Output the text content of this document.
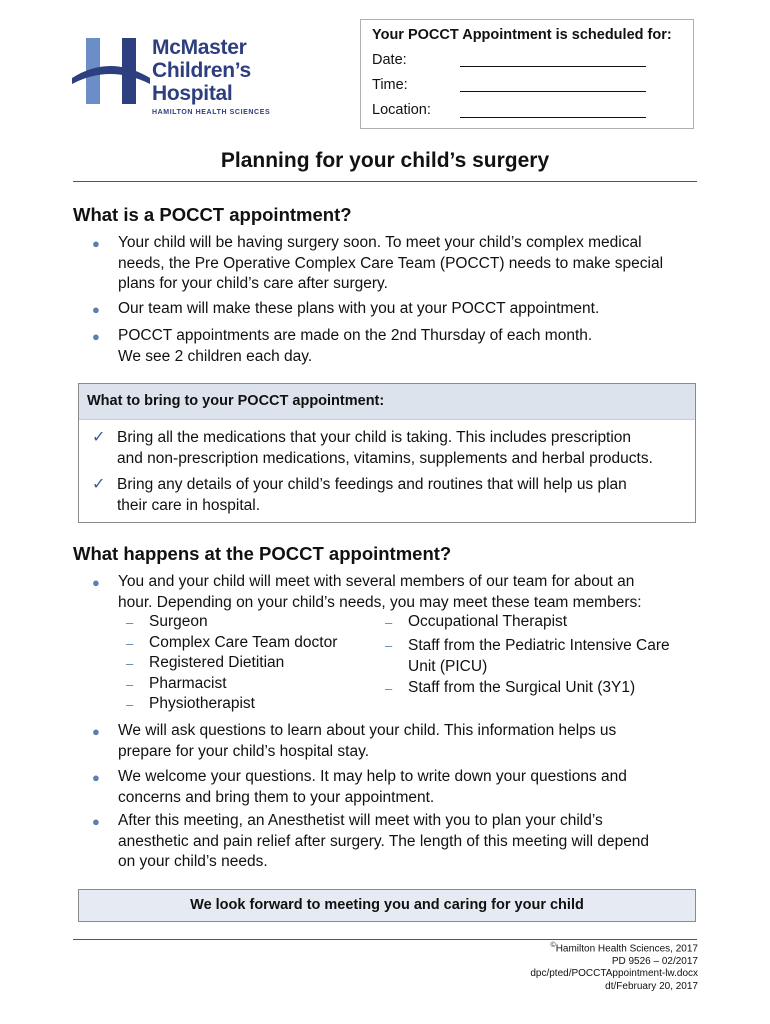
McMaster
Children’s
Hospital
HAMILTON HEALTH SCIENCES
Your POCCT Appointment is scheduled for:
Date:
Time:
Location:
Planning for your child’s surgery
What is a POCCT appointment?
● Your child will be having surgery soon. To meet your child’s complex medical
needs, the Pre Operative Complex Care Team (POCCT) needs to make special
plans for your child’s care after surgery.
● Our team will make these plans with you at your POCCT appointment.
● POCCT appointments are made on the 2nd Thursday of each month.
We see 2 children each day.
What to bring to your POCCT appointment:
✓ Bring all the medications that your child is taking. This includes prescription
and non-prescription medications, vitamins, supplements and herbal products.
✓ Bring any details of your child’s feedings and routines that will help us plan
their care in hospital.
What happens at the POCCT appointment?
● You and your child will meet with several members of our team for about an
hour. Depending on your child’s needs, you may meet these team members:
– Surgeon
– Complex Care Team doctor
– Registered Dietitian
– Pharmacist
– Physiotherapist
– Occupational Therapist
– Staff from the Pediatric Intensive Care
Unit (PICU)
– Staff from the Surgical Unit (3Y1)
● We will ask questions to learn about your child. This information helps us
prepare for your child’s hospital stay.
● We welcome your questions. It may help to write down your questions and
concerns and bring them to your appointment.
● After this meeting, an Anesthetist will meet with you to plan your child’s
anesthetic and pain relief after surgery. The length of this meeting will depend
on your child’s needs.
We look forward to meeting you and caring for your child
©Hamilton Health Sciences, 2017
PD 9526 – 02/2017
dpc/pted/POCCTAppointment-lw.docx
dt/February 20, 2017
